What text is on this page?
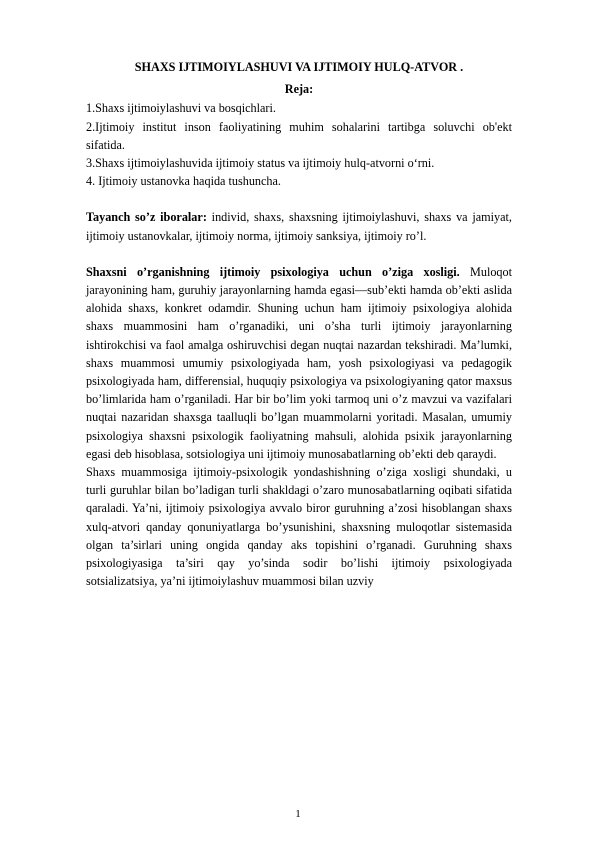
SHAXS IJTIMOIYLASHUVI VA IJTIMOIY HULQ-ATVOR .

Reja:

1.Shaxs ijtimoiylashuvi va bosqichlari.

2.Ijtimoiy institut inson faoliyatining muhim sohalarini tartibga soluvchi ob'ekt sifatida.

3.Shaxs ijtimoiylashuvida ijtimoiy status va ijtimoiy hulq-atvorni o‘rni.

4. Ijtimoiy ustanovka haqida tushuncha.

Tayanch so’z iboralar: individ, shaxs, shaxsning ijtimoiylashuvi, shaxs va jamiyat, ijtimoiy ustanovkalar, ijtimoiy norma, ijtimoiy sanksiya, ijtimoiy ro’l.

Shaxsni o’rganishning ijtimoiy psixologiya uchun o’ziga xosligi. Muloqot jarayonining ham, guruhiy jarayonlarning hamda egasi—sub’ekti hamda ob’ekti aslida alohida shaxs, konkret odamdir. Shuning uchun ham ijtimoiy psixologiya alohida shaxs muammosini ham o’rganadiki, uni o’sha turli ijtimoiy jarayonlarning ishtirokchisi va faol amalga oshiruvchisi degan nuqtai nazardan tekshiradi. Ma’lumki, shaxs muammosi umumiy psixologiyada ham, yosh psixologiyasi va pedagogik psixologiyada ham, differensial, huquqiy psixologiya va psixologiyaning qator maxsus bo’limlarida ham o’rganiladi. Har bir bo’lim yoki tarmoq uni o’z mavzui va vazifalari nuqtai nazaridan shaxsga taalluqli bo’lgan muammolarni yoritadi. Masalan, umumiy psixologiya shaxsni psixologik faoliyatning mahsuli, alohida psixik jarayonlarning egasi deb hisoblasa, sotsiologiya uni ijtimoiy munosabatlarning ob’ekti deb qaraydi.

Shaxs muammosiga ijtimoiy-psixologik yondashishning o’ziga xosligi shundaki, u turli guruhlar bilan bo’ladigan turli shakldagi o’zaro munosabatlarning oqibati sifatida qaraladi. Ya’ni, ijtimoiy psixologiya avvalo biror guruhning a’zosi hisoblangan shaxs xulq-atvori qanday qonuniyatlarga bo’ysunishini, shaxsning muloqotlar sistemasida olgan ta’sirlari uning ongida qanday aks topishini o’rganadi. Guruhning shaxs psixologiyasiga ta’siri qay yo’sinda sodir bo’lishi ijtimoiy psixologiyada sotsializatsiya, ya’ni ijtimoiylashuv muammosi bilan uzviy

1
